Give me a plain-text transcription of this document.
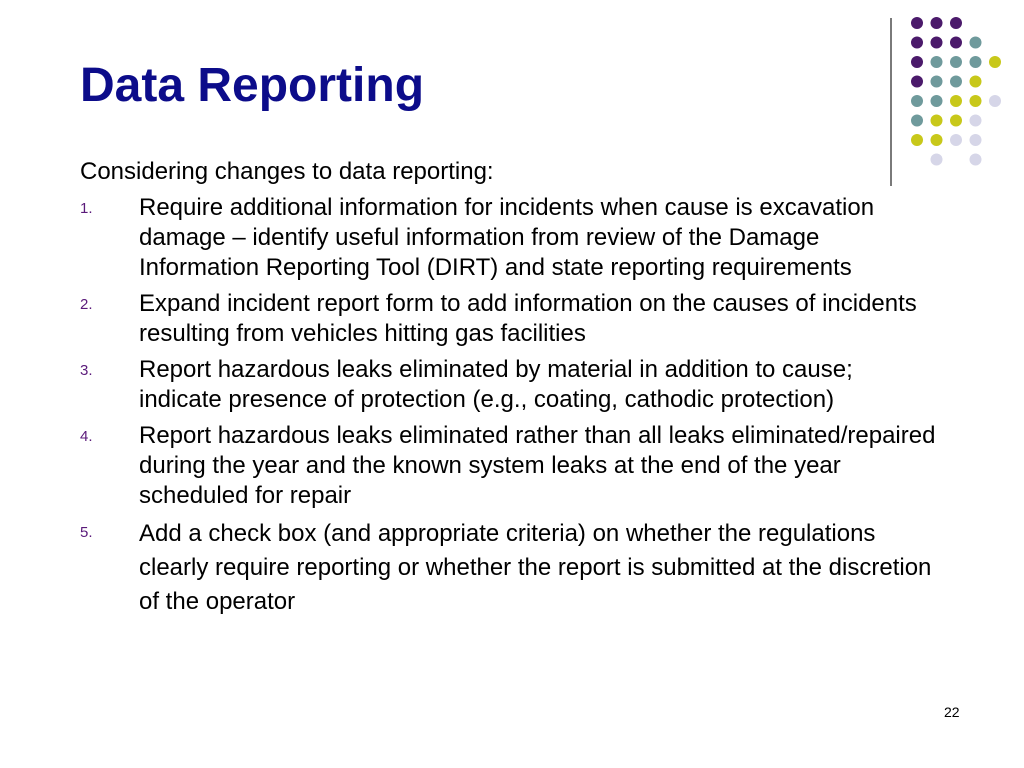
Data Reporting

Considering changes to data reporting:

1. Require additional information for incidents when cause is excavation damage – identify useful information from review of the Damage Information Reporting Tool (DIRT) and state reporting requirements
2. Expand incident report form to add information on the causes of incidents resulting from vehicles hitting gas facilities
3. Report hazardous leaks eliminated by material in addition to cause; indicate presence of protection (e.g., coating, cathodic protection)
4. Report hazardous leaks eliminated rather than all leaks eliminated/repaired during the year and the known system leaks at the end of the year scheduled for repair
5. Add a check box (and appropriate criteria) on whether the regulations clearly require reporting or whether the report is submitted at the discretion of the operator
22
